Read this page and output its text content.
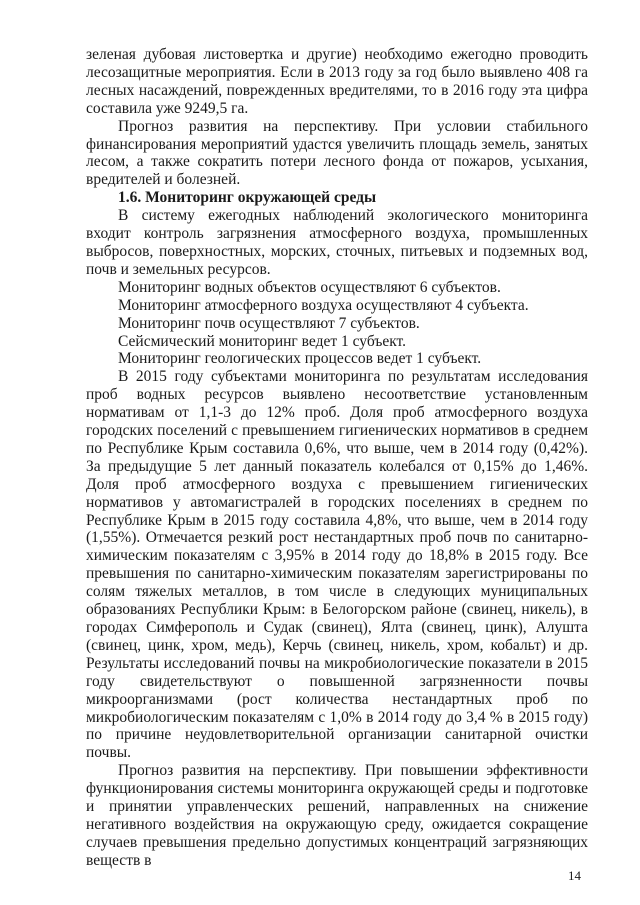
зеленая дубовая листовертка и другие) необходимо ежегодно проводить лесозащитные мероприятия. Если в 2013 году за год было выявлено 408 га лесных насаждений, поврежденных вредителями, то в 2016 году эта цифра составила уже 9249,5 га.

Прогноз развития на перспективу. При условии стабильного финансирования мероприятий удастся увеличить площадь земель, занятых лесом, а также сократить потери лесного фонда от пожаров, усыхания, вредителей и болезней.

1.6. Мониторинг окружающей среды

В систему ежегодных наблюдений экологического мониторинга входит контроль загрязнения атмосферного воздуха, промышленных выбросов, поверхностных, морских, сточных, питьевых и подземных вод, почв и земельных ресурсов.

Мониторинг водных объектов осуществляют 6 субъектов.

Мониторинг атмосферного воздуха осуществляют 4 субъекта.

Мониторинг почв осуществляют 7 субъектов.

Сейсмический мониторинг ведет 1 субъект.

Мониторинг геологических процессов ведет 1 субъект.

В 2015 году субъектами мониторинга по результатам исследования проб водных ресурсов выявлено несоответствие установленным нормативам от 1,1-3 до 12% проб. Доля проб атмосферного воздуха городских поселений с превышением гигиенических нормативов в среднем по Республике Крым составила 0,6%, что выше, чем в 2014 году (0,42%). За предыдущие 5 лет данный показатель колебался от 0,15% до 1,46%. Доля проб атмосферного воздуха с превышением гигиенических нормативов у автомагистралей в городских поселениях в среднем по Республике Крым в 2015 году составила 4,8%, что выше, чем в 2014 году (1,55%). Отмечается резкий рост нестандартных проб почв по санитарно-химическим показателям с 3,95% в 2014 году до 18,8% в 2015 году. Все превышения по санитарно-химическим показателям зарегистрированы по солям тяжелых металлов, в том числе в следующих муниципальных образованиях Республики Крым: в Белогорском районе (свинец, никель), в городах Симферополь и Судак (свинец), Ялта (свинец, цинк), Алушта (свинец, цинк, хром, медь), Керчь (свинец, никель, хром, кобальт) и др. Результаты исследований почвы на микробиологические показатели в 2015 году свидетельствуют о повышенной загрязненности почвы микроорганизмами (рост количества нестандартных проб по микробиологическим показателям с 1,0% в 2014 году до 3,4 % в 2015 году) по причине неудовлетворительной организации санитарной очистки почвы.

Прогноз развития на перспективу. При повышении эффективности функционирования системы мониторинга окружающей среды и подготовке и принятии управленческих решений, направленных на снижение негативного воздействия на окружающую среду, ожидается сокращение случаев превышения предельно допустимых концентраций загрязняющих веществ в

14
